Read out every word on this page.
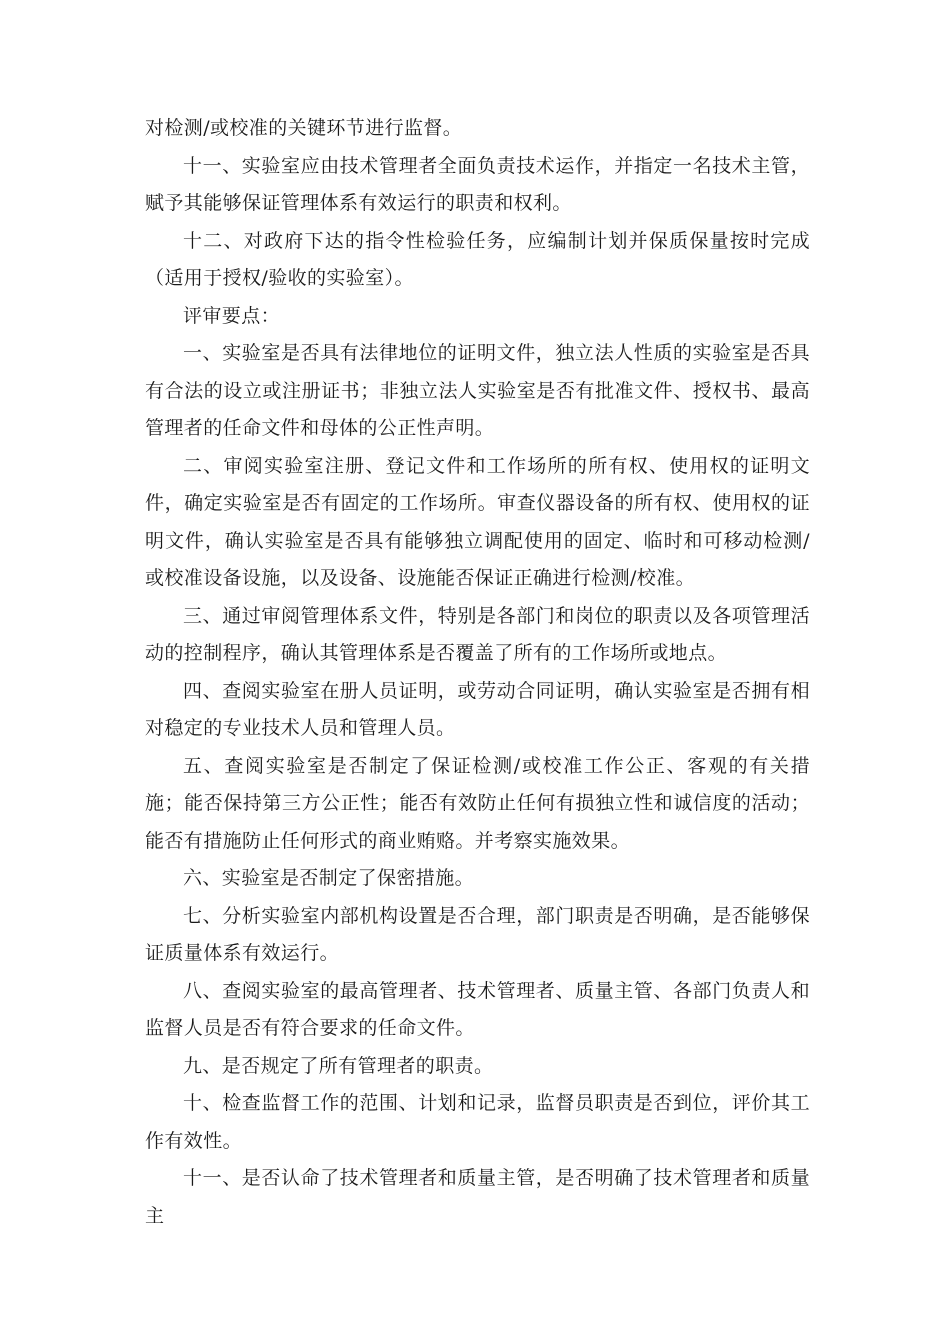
对检测/或校准的关键环节进行监督。

十一、实验室应由技术管理者全面负责技术运作，并指定一名技术主管，赋予其能够保证管理体系有效运行的职责和权利。

十二、对政府下达的指令性检验任务，应编制计划并保质保量按时完成（适用于授权/验收的实验室）。

评审要点：

一、实验室是否具有法律地位的证明文件，独立法人性质的实验室是否具有合法的设立或注册证书；非独立法人实验室是否有批准文件、授权书、最高管理者的任命文件和母体的公正性声明。

二、审阅实验室注册、登记文件和工作场所的所有权、使用权的证明文件，确定实验室是否有固定的工作场所。审查仪器设备的所有权、使用权的证明文件，确认实验室是否具有能够独立调配使用的固定、临时和可移动检测/或校准设备设施，以及设备、设施能否保证正确进行检测/校准。

三、通过审阅管理体系文件，特别是各部门和岗位的职责以及各项管理活动的控制程序，确认其管理体系是否覆盖了所有的工作场所或地点。

四、查阅实验室在册人员证明，或劳动合同证明，确认实验室是否拥有相对稳定的专业技术人员和管理人员。

五、查阅实验室是否制定了保证检测/或校准工作公正、客观的有关措施；能否保持第三方公正性；能否有效防止任何有损独立性和诚信度的活动；能否有措施防止任何形式的商业贿赂。并考察实施效果。

六、实验室是否制定了保密措施。

七、分析实验室内部机构设置是否合理，部门职责是否明确，是否能够保证质量体系有效运行。

八、查阅实验室的最高管理者、技术管理者、质量主管、各部门负责人和监督人员是否有符合要求的任命文件。

九、是否规定了所有管理者的职责。

十、检查监督工作的范围、计划和记录，监督员职责是否到位，评价其工作有效性。

十一、是否认命了技术管理者和质量主管，是否明确了技术管理者和质量主
